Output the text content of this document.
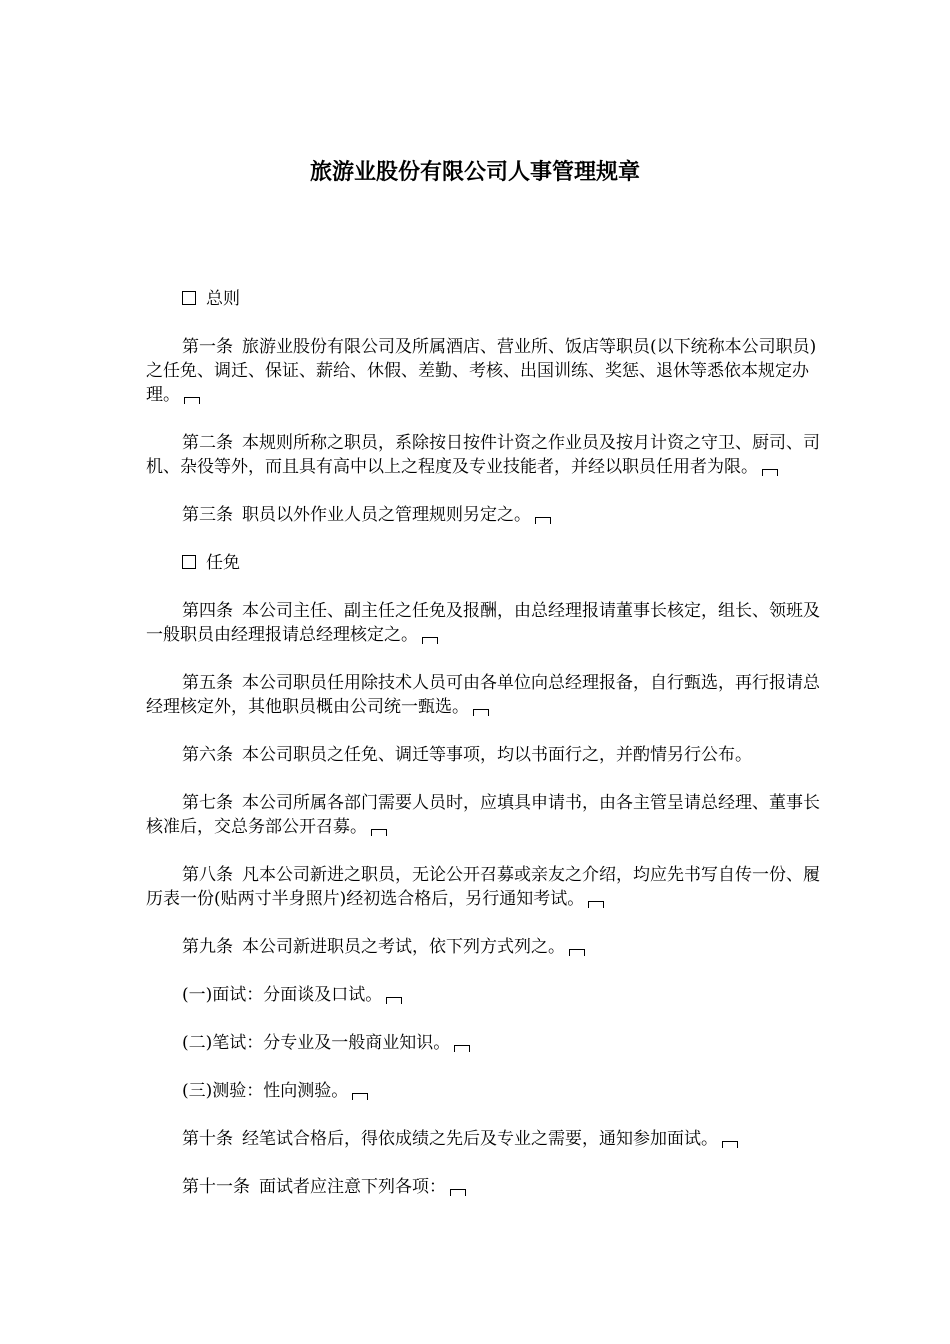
旅游业股份有限公司人事管理规章

总则

第一条 旅游业股份有限公司及所属酒店、营业所、饭店等职员(以下统称本公司职员)之任免、调迁、保证、薪给、休假、差勤、考核、出国训练、奖惩、退休等悉依本规定办理。

第二条 本规则所称之职员，系除按日按件计资之作业员及按月计资之守卫、厨司、司机、杂役等外，而且具有高中以上之程度及专业技能者，并经以职员任用者为限。

第三条 职员以外作业人员之管理规则另定之。

任免

第四条 本公司主任、副主任之任免及报酬，由总经理报请董事长核定，组长、领班及一般职员由经理报请总经理核定之。

第五条 本公司职员任用除技术人员可由各单位向总经理报备，自行甄选，再行报请总经理核定外，其他职员概由公司统一甄选。

第六条 本公司职员之任免、调迁等事项，均以书面行之，并酌情另行公布。

第七条 本公司所属各部门需要人员时，应填具申请书，由各主管呈请总经理、董事长核准后，交总务部公开召募。

第八条 凡本公司新进之职员，无论公开召募或亲友之介绍，均应先书写自传一份、履历表一份(贴两寸半身照片)经初选合格后，另行通知考试。

第九条 本公司新进职员之考试，依下列方式列之。

(一)面试：分面谈及口试。

(二)笔试：分专业及一般商业知识。

(三)测验：性向测验。

第十条 经笔试合格后，得依成绩之先后及专业之需要，通知参加面试。

第十一条 面试者应注意下列各项：
